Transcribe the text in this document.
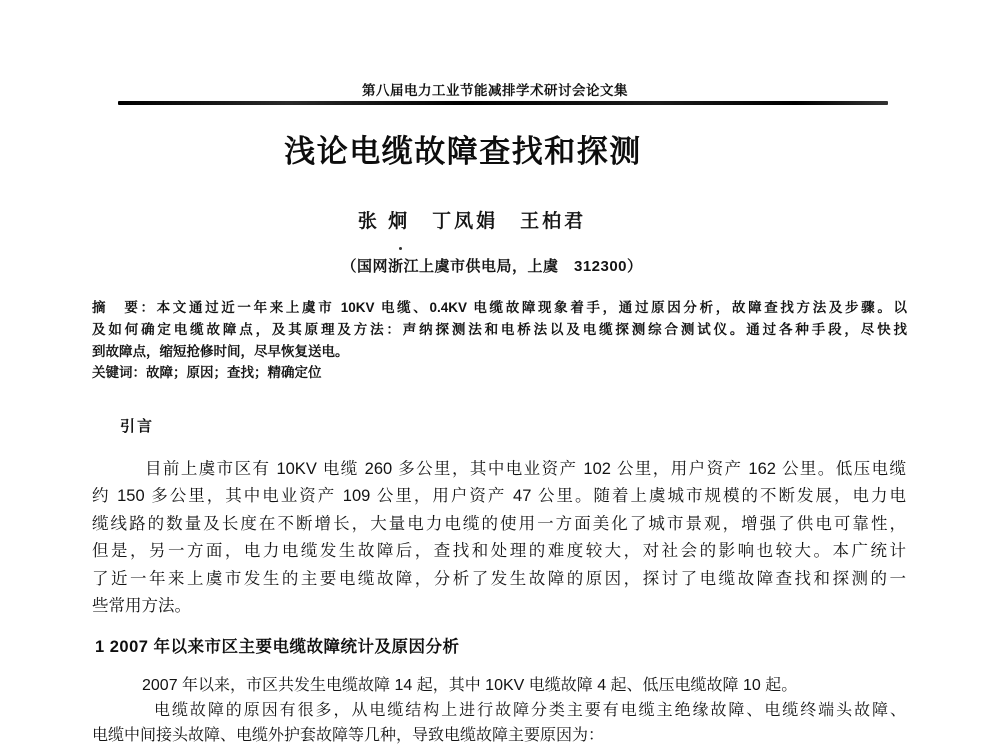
第八届电力工业节能减排学术研讨会论文集
浅论电缆故障查找和探测
张 炯　丁凤娟　王柏君
（国网浙江上虞市供电局，上虞　312300）
摘　要：本文通过近一年来上虞市 10KV 电缆、0.4KV 电缆故障现象着手，通过原因分析，故障查找方法及步骤。以
及如何确定电缆故障点，及其原理及方法：声纳探测法和电桥法以及电缆探测综合测试仪。通过各种手段，尽快找
到故障点，缩短抢修时间，尽早恢复送电。
关键词：故障；原因；查找；精确定位
引言
目前上虞市区有 10KV 电缆 260 多公里，其中电业资产 102 公里，用户资产 162 公里。低压电缆
约 150 多公里，其中电业资产 109 公里，用户资产 47 公里。随着上虞城市规模的不断发展，电力电
缆线路的数量及长度在不断增长，大量电力电缆的使用一方面美化了城市景观，增强了供电可靠性，
但是，另一方面，电力电缆发生故障后，查找和处理的难度较大，对社会的影响也较大。本广统计
了近一年来上虞市发生的主要电缆故障，分析了发生故障的原因，探讨了电缆故障查找和探测的一
些常用方法。
1 2007 年以来市区主要电缆故障统计及原因分析
2007 年以来，市区共发生电缆故障 14 起，其中 10KV 电缆故障 4 起、低压电缆故障 10 起。
电缆故障的原因有很多，从电缆结构上进行故障分类主要有电缆主绝缘故障、电缆终端头故障、
电缆中间接头故障、电缆外护套故障等几种，导致电缆故障主要原因为：
